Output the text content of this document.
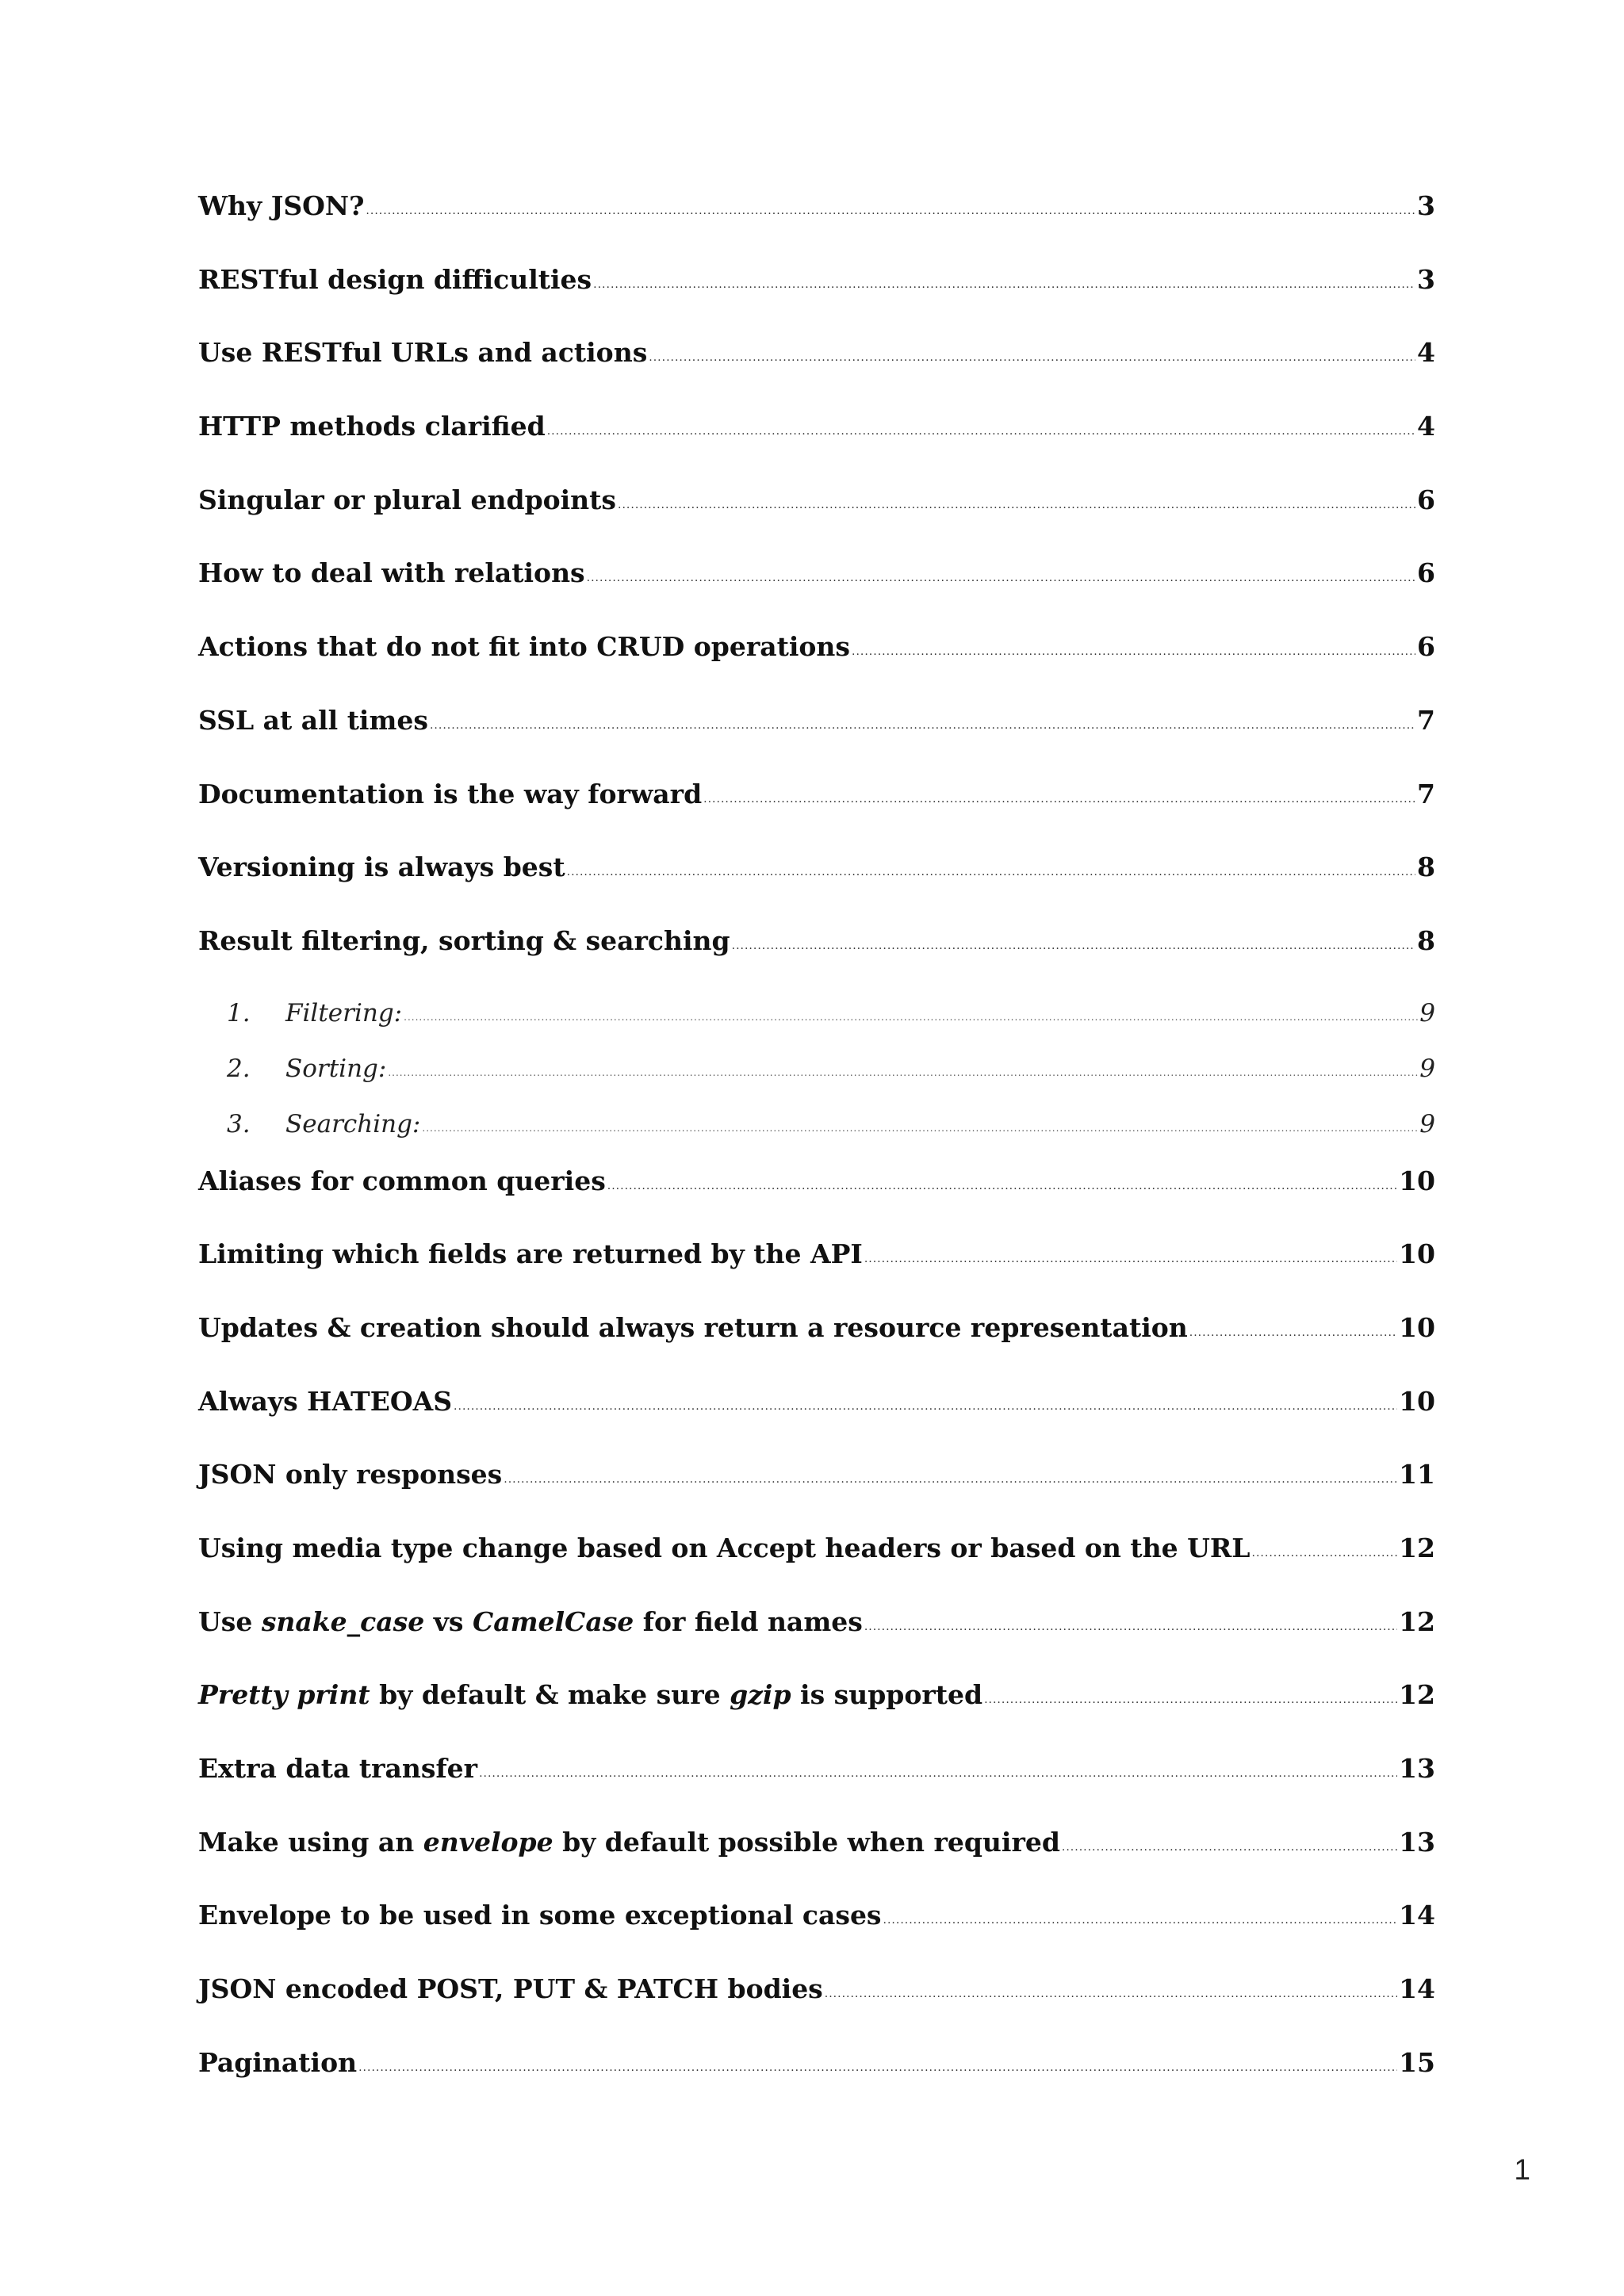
Why JSON? .....	3
RESTful design difficulties .....	3
Use RESTful URLs and actions .....	4
HTTP methods clarified .....	4
Singular or plural endpoints .....	6
How to deal with relations .....	6
Actions that do not fit into CRUD operations .....	6
SSL at all times .....	7
Documentation is the way forward .....	7
Versioning is always best .....	8
Result filtering, sorting & searching .....	8
1.	Filtering: .....	9
2.	Sorting: .....	9
3.	Searching: .....	9
Aliases for common queries .....	10
Limiting which fields are returned by the API .....	10
Updates & creation should always return a resource representation .....	10
Always HATEOAS .....	10
JSON only responses .....	11
Using media type change based on Accept headers or based on the URL .....	12
Use snake_case vs CamelCase for field names .....	12
Pretty print by default & make sure gzip is supported .....	12
Extra data transfer .....	13
Make using an envelope by default possible when required .....	13
Envelope to be used in some exceptional cases .....	14
JSON encoded POST, PUT & PATCH bodies .....	14
Pagination .....	15
1
